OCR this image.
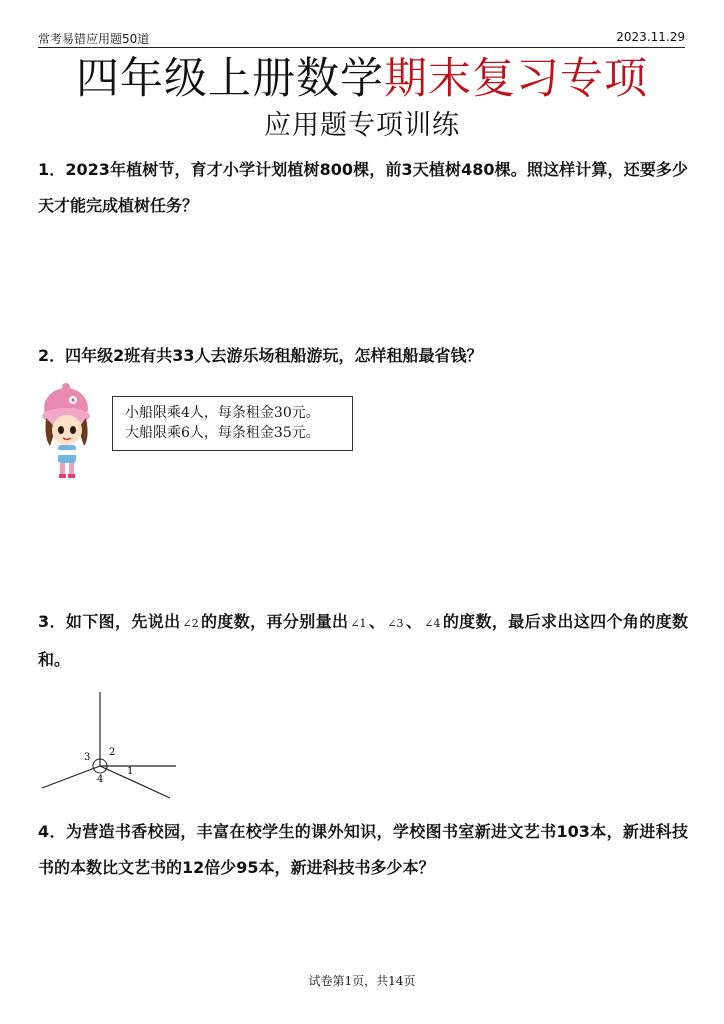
常考易错应用题50道	2023.11.29
四年级上册数学期末复习专项
应用题专项训练
1．2023年植树节，育才小学计划植树800棵，前3天植树480棵。照这样计算，还要多少天才能完成植树任务？
2．四年级2班有共33人去游乐场租船游玩，怎样租船最省钱？
小船限乘4人，每条租金30元。
大船限乘6人，每条租金35元。
3．如下图，先说出 ∠2 的度数，再分别量出 ∠1 、 ∠3 、 ∠4 的度数，最后求出这四个角的度数和。
1
2
3
4
4．为营造书香校园，丰富在校学生的课外知识，学校图书室新进文艺书103本，新进科技书的本数比文艺书的12倍少95本，新进科技书多少本？
试卷第1页，共14页
